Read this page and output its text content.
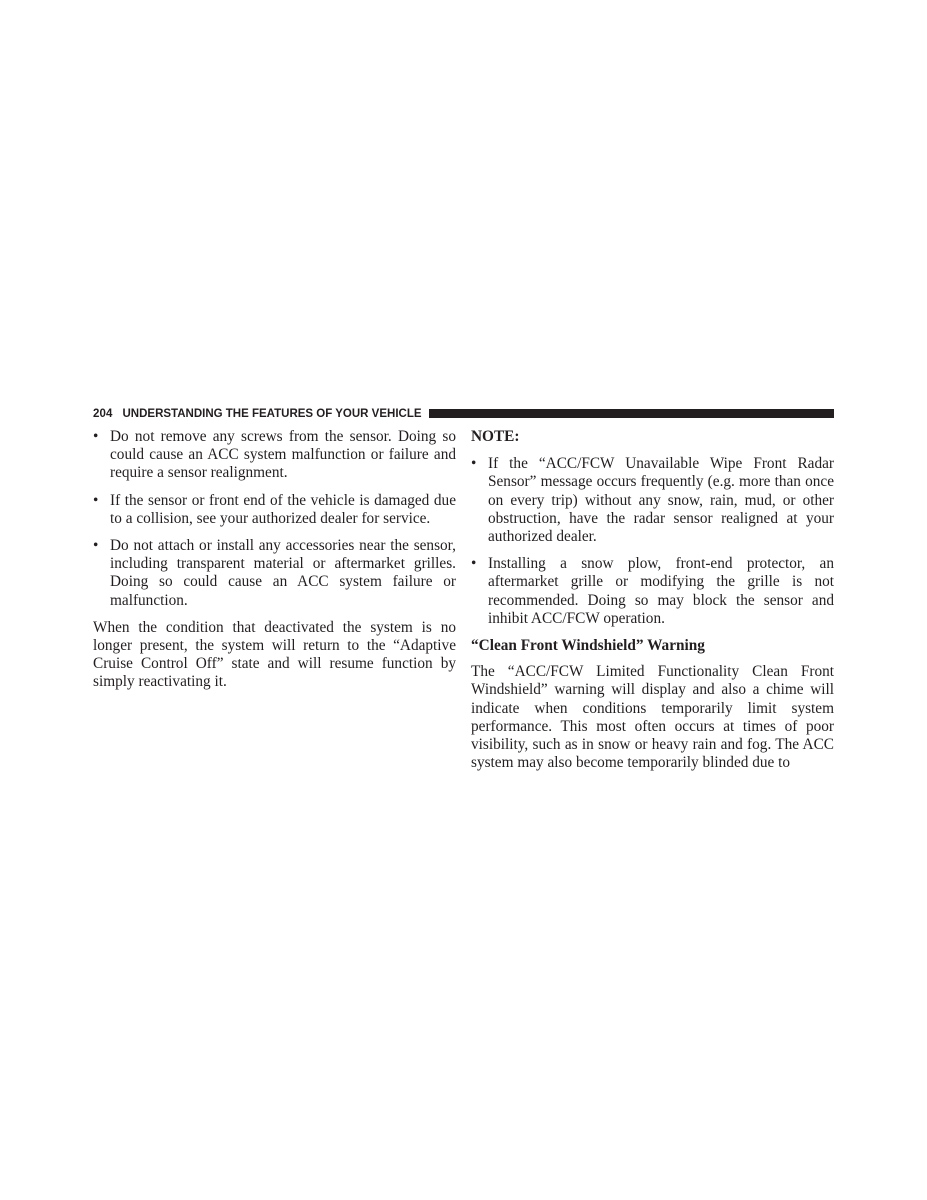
204 UNDERSTANDING THE FEATURES OF YOUR VEHICLE
• Do not remove any screws from the sensor. Doing so could cause an ACC system malfunction or failure and require a sensor realignment.
• If the sensor or front end of the vehicle is damaged due to a collision, see your authorized dealer for service.
• Do not attach or install any accessories near the sensor, including transparent material or aftermarket grilles. Doing so could cause an ACC system failure or malfunction.

When the condition that deactivated the system is no longer present, the system will return to the “Adaptive Cruise Control Off” state and will resume function by simply reactivating it.

NOTE:

• If the “ACC/FCW Unavailable Wipe Front Radar Sensor” message occurs frequently (e.g. more than once on every trip) without any snow, rain, mud, or other obstruction, have the radar sensor realigned at your authorized dealer.
• Installing a snow plow, front-end protector, an aftermarket grille or modifying the grille is not recommended. Doing so may block the sensor and inhibit ACC/FCW operation.

“Clean Front Windshield” Warning

The “ACC/FCW Limited Functionality Clean Front Windshield” warning will display and also a chime will indicate when conditions temporarily limit system performance. This most often occurs at times of poor visibility, such as in snow or heavy rain and fog. The ACC system may also become temporarily blinded due to
